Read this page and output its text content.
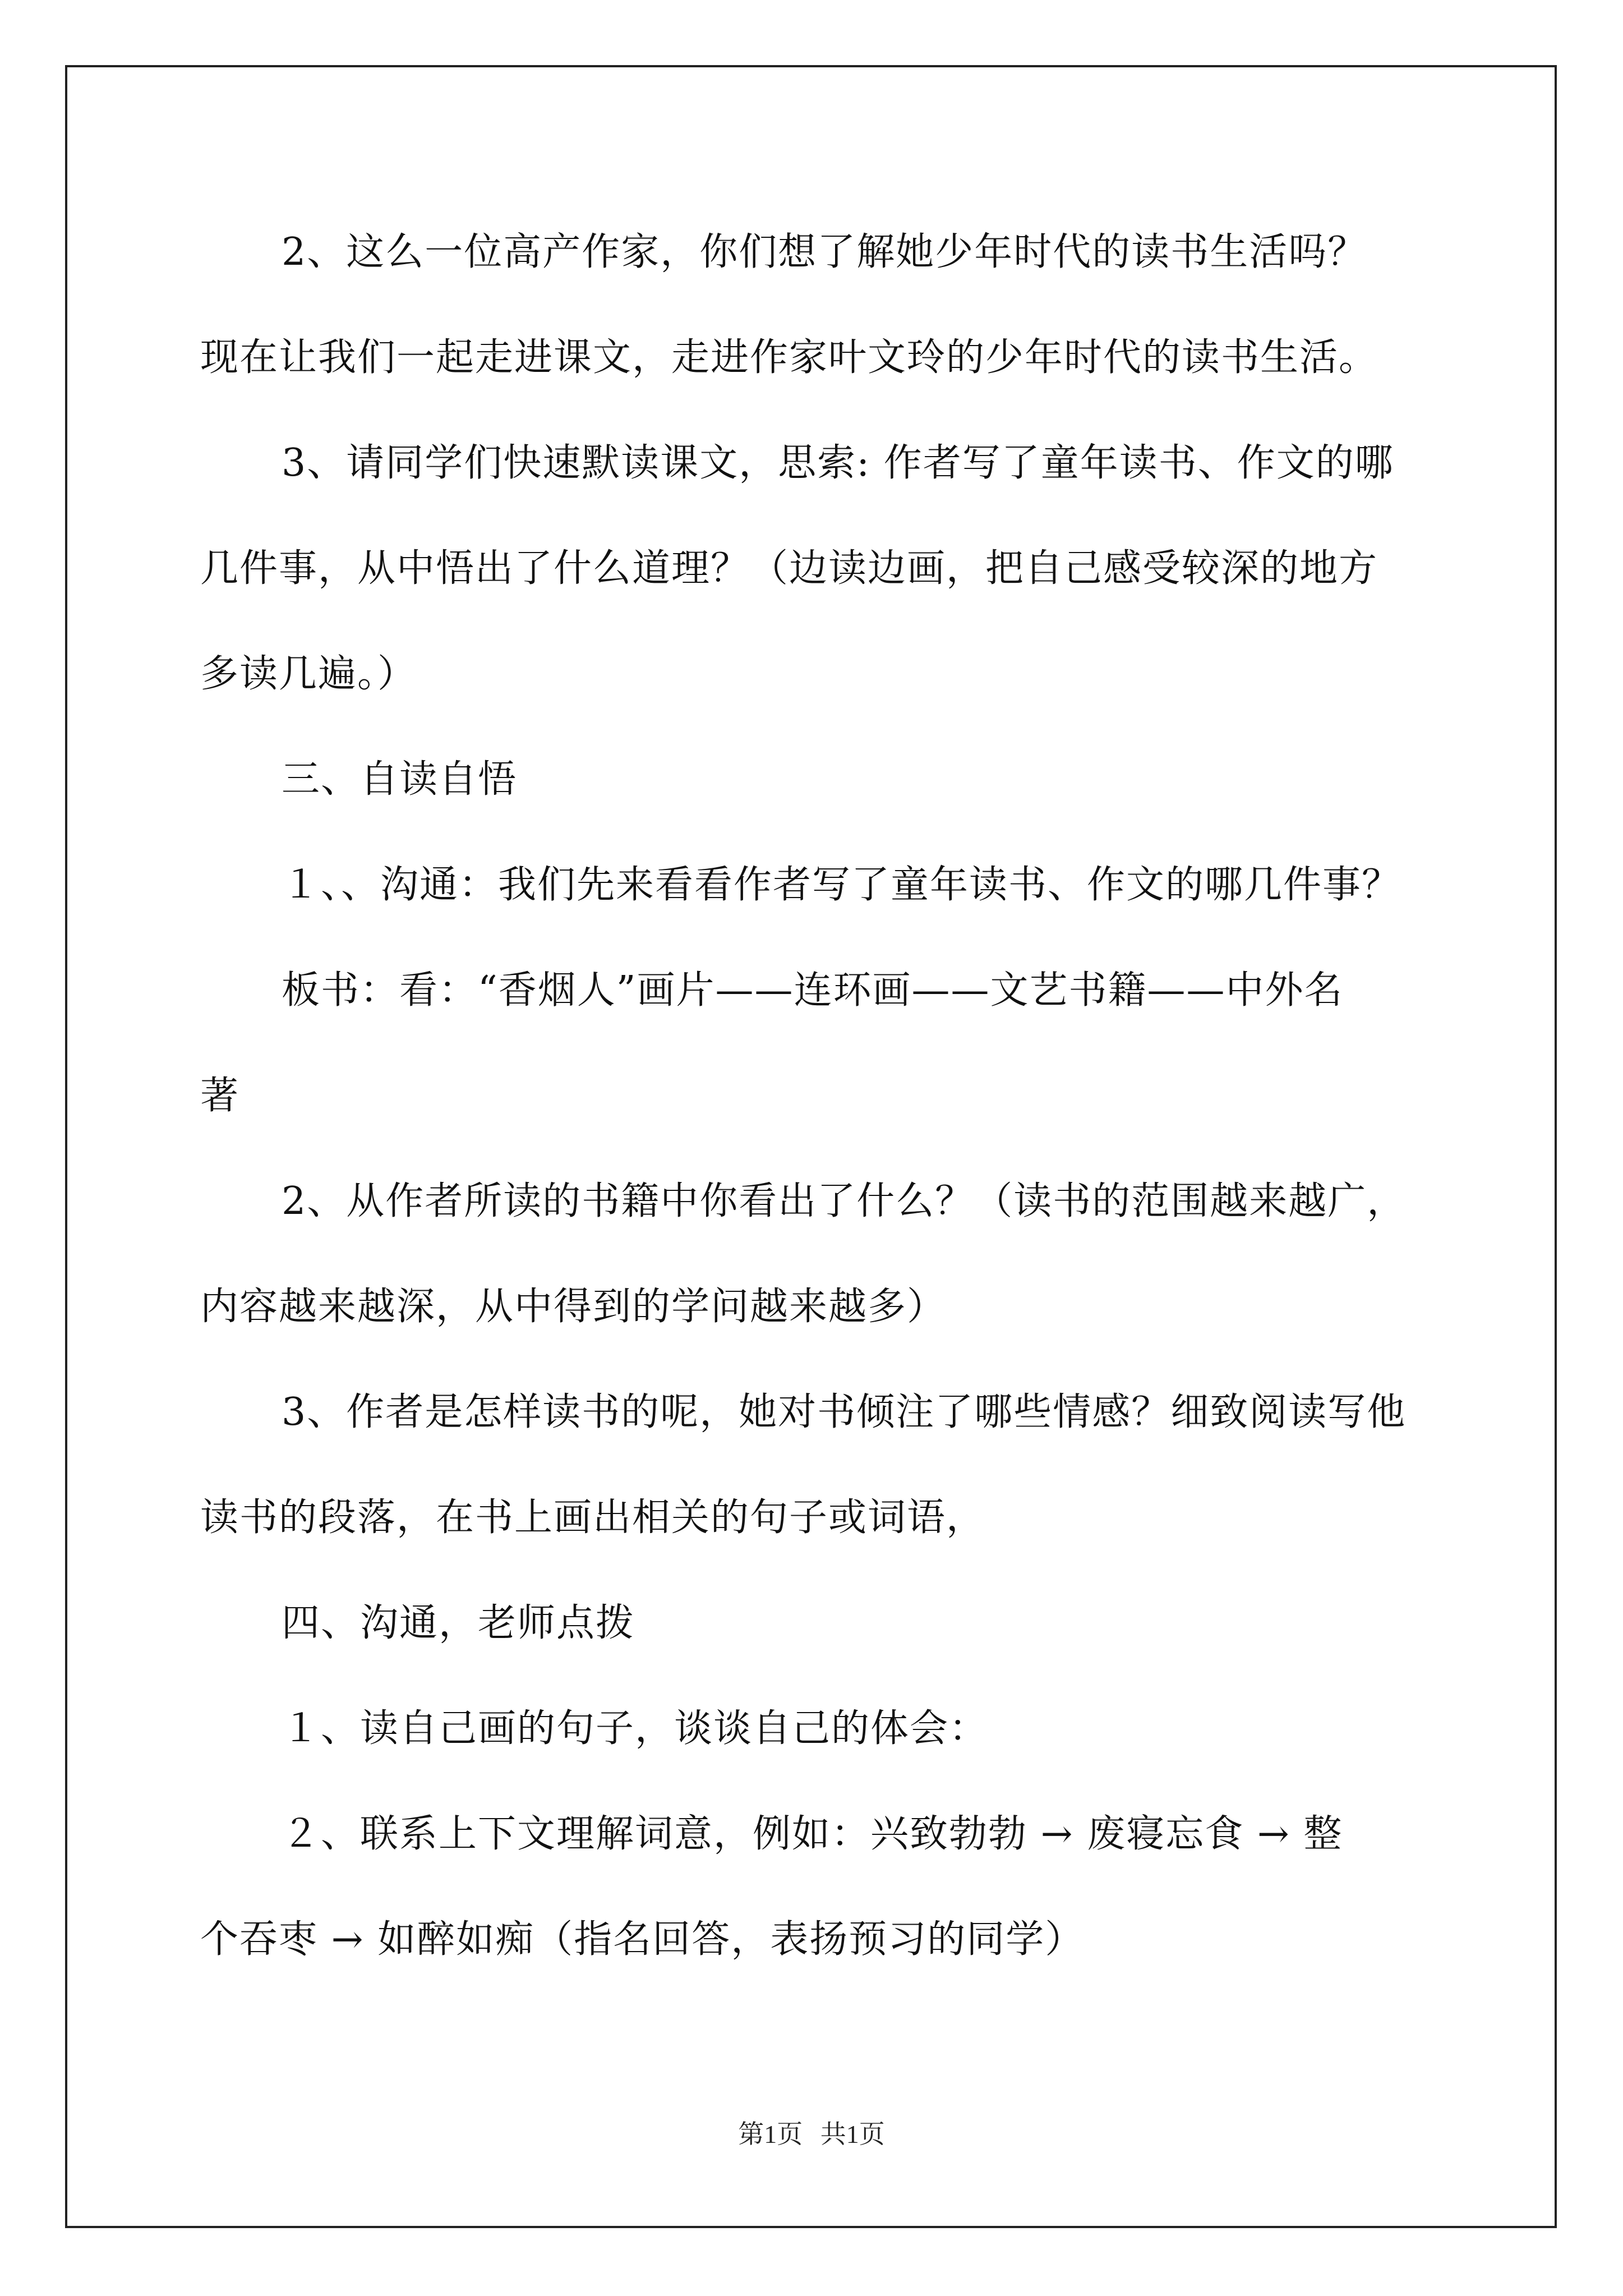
2、这么一位高产作家，你们想了解她少年时代的读书生活吗？
现在让我们一起走进课文，走进作家叶文玲的少年时代的读书生活。
3、请同学们快速默读课文，思索: 作者写了童年读书、作文的哪
几件事，从中悟出了什么道理？（边读边画，把自己感受较深的地方
多读几遍。）
三、自读自悟
１、、沟通：我们先来看看作者写了童年读书、作文的哪几件事？
板书：看：“香烟人”画片——连环画——文艺书籍——中外名
著
2、从作者所读的书籍中你看出了什么？（读书的范围越来越广，
内容越来越深，从中得到的学问越来越多）
3、作者是怎样读书的呢，她对书倾注了哪些情感？细致阅读写他
读书的段落，在书上画出相关的句子或词语，
四、沟通，老师点拨
１、读自己画的句子，谈谈自己的体会：
２、联系上下文理解词意，例如：兴致勃勃 → 废寝忘食 → 整
个吞枣 → 如醉如痴（指名回答，表扬预习的同学）
第1页 共1页
